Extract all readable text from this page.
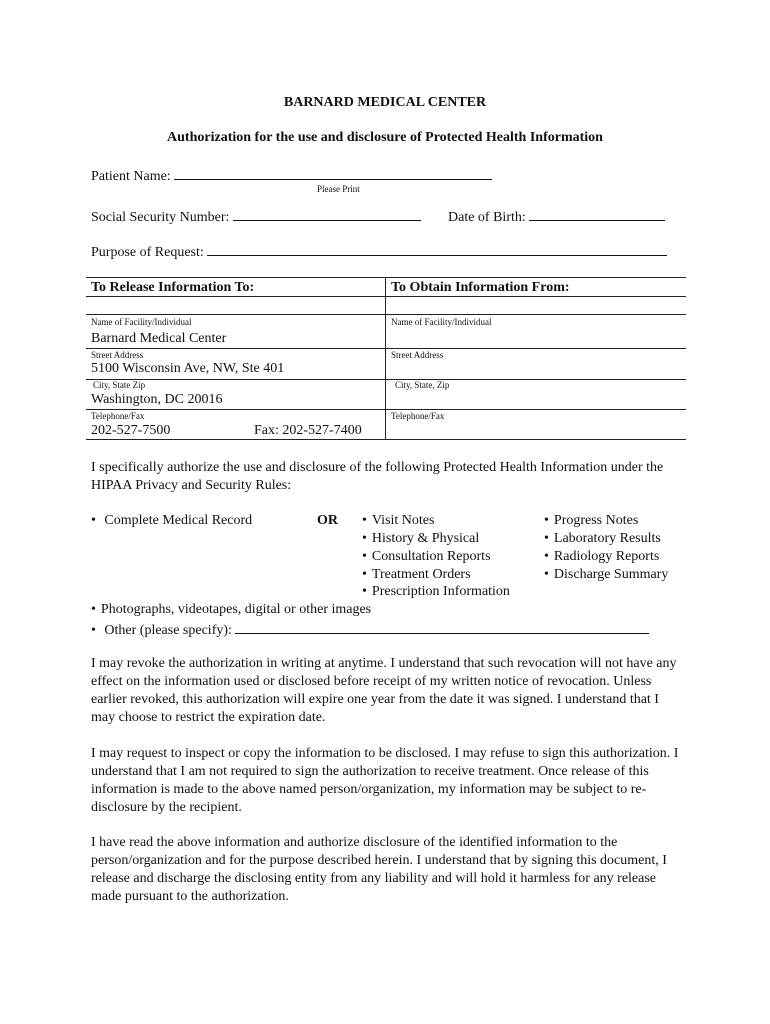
BARNARD MEDICAL CENTER
Authorization for the use and disclosure of Protected Health Information
Patient Name:
Please Print
Social Security Number:	Date of Birth:
Purpose of Request:
To Release Information To:	To Obtain Information From:
Name of Facility/Individual
Barnard Medical Center
Name of Facility/Individual
Street Address
5100 Wisconsin Ave, NW, Ste 401
Street Address
City, State Zip
Washington, DC 20016
City, State, Zip
Telephone/Fax
202-527-7500	Fax: 202-527-7400
Telephone/Fax
I specifically authorize the use and disclosure of the following Protected Health Information under the HIPAA Privacy and Security Rules:
• Complete Medical Record	OR
•	Visit Notes
• History & Physical
• Consultation Reports
• Treatment Orders
• Prescription Information
• Progress Notes
• Laboratory Results
• Radiology Reports
• Discharge Summary
• Photographs, videotapes, digital or other images
• Other (please specify):
I may revoke the authorization in writing at anytime. I understand that such revocation will not have any effect on the information used or disclosed before receipt of my written notice of revocation. Unless earlier revoked, this authorization will expire one year from the date it was signed. I understand that I may choose to restrict the expiration date.
I may request to inspect or copy the information to be disclosed. I may refuse to sign this authorization. I understand that I am not required to sign the authorization to receive treatment. Once release of this information is made to the above named person/organization, my information may be subject to re-disclosure by the recipient.
I have read the above information and authorize disclosure of the identified information to the person/organization and for the purpose described herein. I understand that by signing this document, I release and discharge the disclosing entity from any liability and will hold it harmless for any release made pursuant to the authorization.
